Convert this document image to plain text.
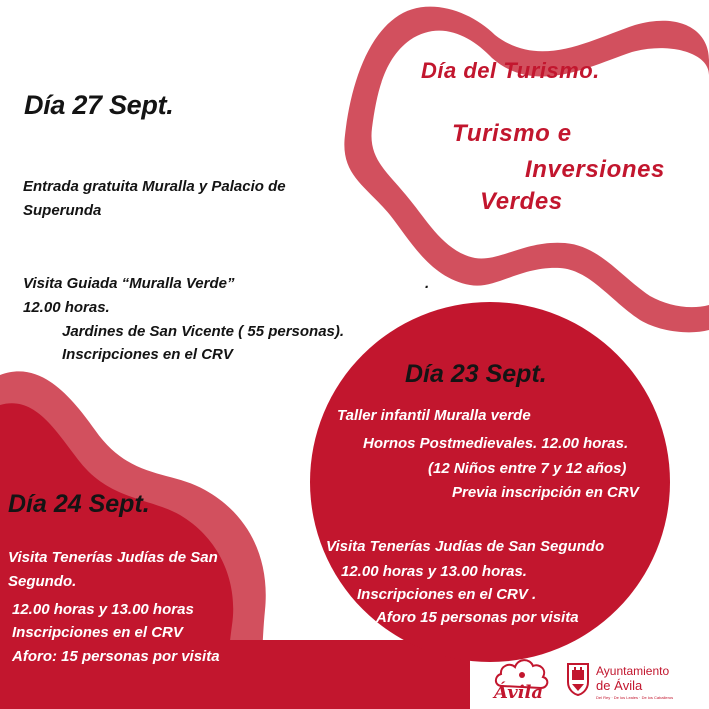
Día del Turismo.

Turismo e

Inversiones

Verdes

Día 27 Sept.

Entrada gratuita Muralla y Palacio de

Superunda

Visita Guiada “Muralla Verde”	.

12.00 horas.

Jardines de San Vicente ( 55 personas).

Inscripciones en el CRV

Día 23 Sept.

Taller infantil Muralla verde

Hornos Postmedievales. 12.00 horas.

(12 Niños entre 7 y 12 años)

Previa inscripción en CRV

Visita Tenerías Judías de San Segundo

12.00 horas y 13.00 horas.

Inscripciones en el CRV .

Aforo 15 personas por visita

Día 24 Sept.

Visita Tenerías Judías de San

Segundo.

12.00 horas y 13.00 horas

Inscripciones en el CRV

Aforo: 15 personas por visita

Ávila
Ayuntamiento
de Ávila
Del Rey · De los Leales · De los Caballeros
